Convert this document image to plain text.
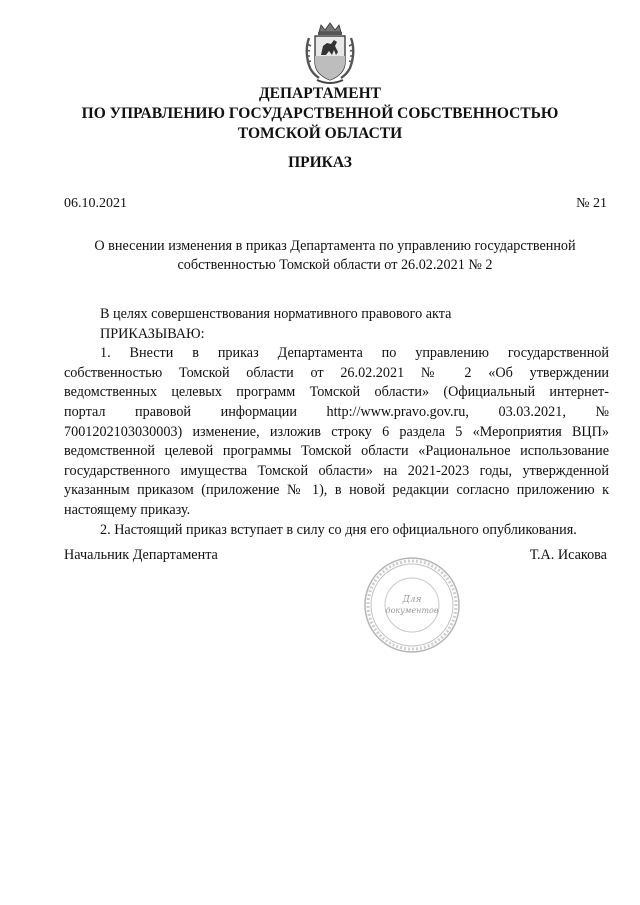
ДЕПАРТАМЕНТ
ПО УПРАВЛЕНИЮ ГОСУДАРСТВЕННОЙ СОБСТВЕННОСТЬЮ
ТОМСКОЙ ОБЛАСТИ
ПРИКАЗ
06.10.2021	№ 21
О внесении изменения в приказ Департамента по управлению государственной
собственностью Томской области от 26.02.2021 № 2
В целях совершенствования нормативного правового акта
ПРИКАЗЫВАЮ:
1. Внести в приказ Департамента по управлению государственной
собственностью Томской области от 26.02.2021 № 2 «Об утверждении
ведомственных целевых программ Томской области» (Официальный интернет-
портал правовой информации http://www.pravo.gov.ru, 03.03.2021, №
7001202103030003) изменение, изложив строку 6 раздела 5 «Мероприятия ВЦП»
ведомственной целевой программы Томской области «Рациональное использование
государственного имущества Томской области» на 2021-2023 годы, утвержденной
указанным приказом (приложение № 1), в новой редакции согласно приложению к
настоящему приказу.
2. Настоящий приказ вступает в силу со дня его официального опубликования.
Начальник Департамента	Т.А. Исакова
Для
документов
